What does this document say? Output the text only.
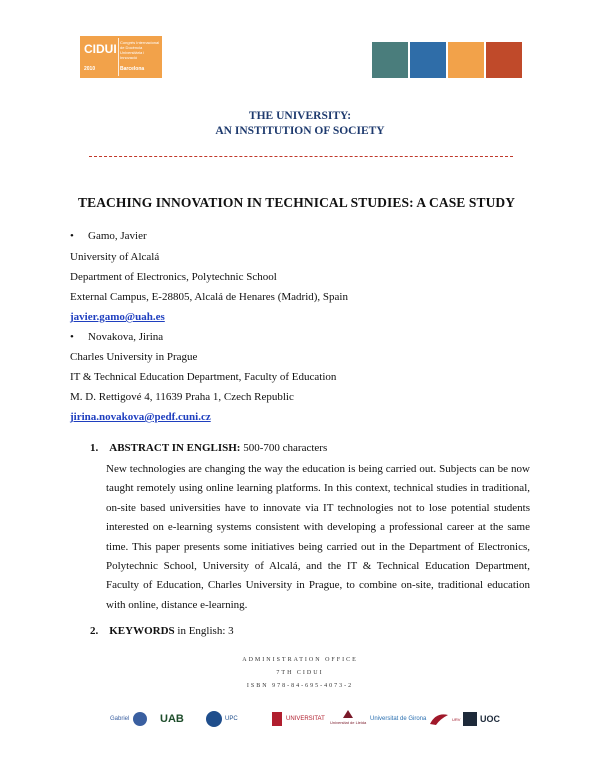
CIDUI Congrés Internacional de Docència Universitària i Innovació
2010	Barcelona
THE UNIVERSITY:
AN INSTITUTION OF SOCIETY
TEACHING INNOVATION IN TECHNICAL STUDIES: A CASE STUDY
• Gamo, Javier
University of Alcalá
Department of Electronics, Polytechnic School
External Campus, E-28805, Alcalá de Henares (Madrid), Spain
javier.gamo@uah.es
• Novakova, Jirina
Charles University in Prague
IT & Technical Education Department, Faculty of Education
M. D. Rettigové 4, 11639 Praha 1, Czech Republic
jirina.novakova@pedf.cuni.cz
1. ABSTRACT IN ENGLISH: 500-700 characters
New technologies are changing the way the education is being carried out. Subjects can be now taught remotely using online learning platforms. In this context, technical studies in traditional, on-site based universities have to innovate via IT technologies not to lose potential students interested on e-learning systems consistent with developing a professional career at the same time. This paper presents some initiatives being carried out in the Department of Electronics, Polytechnic School, University of Alcalá, and the IT & Technical Education Department, Faculty of Education, Charles University in Prague, to combine on-site, traditional education with online, distance e-learning.
2. KEYWORDS in English: 3
ADMINISTRATION OFFICE
7TH CIDUI
ISBN 978-84-695-4073-2
Gabriel	UAB	UPC	UNIVERSITAT
Universitat de Lleida
Universitat de Girona	URV UOC
